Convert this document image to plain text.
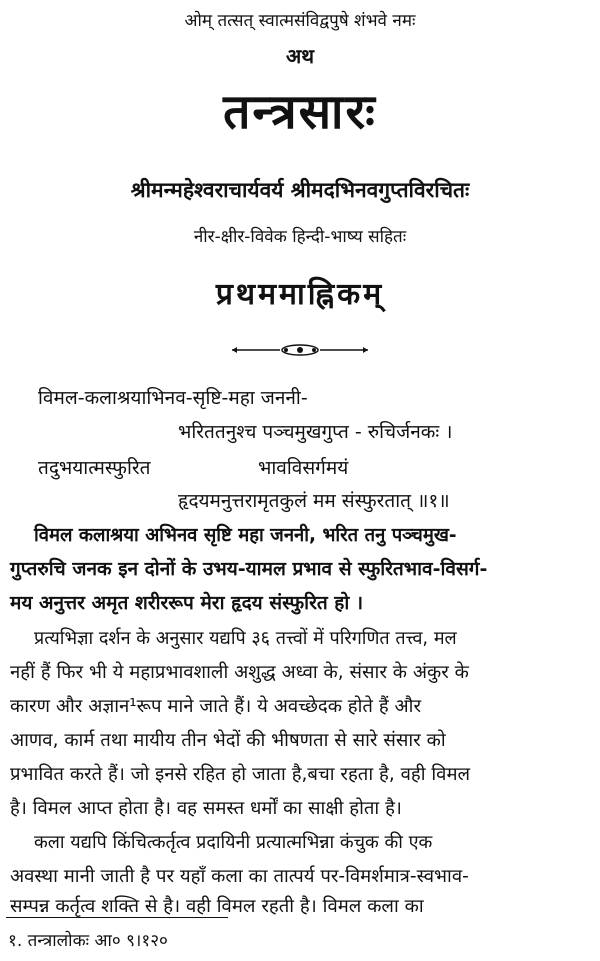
ओम् तत्सत् स्वात्मसंविद्वपुषे शंभवे नमः
अथ
तन्त्रसारः
श्रीमन्महेश्वराचार्यवर्य श्रीमदभिनवगुप्तविरचितः
नीर-क्षीर-विवेक हिन्दी-भाष्य सहितः
प्रथममाह्निकम्
विमल-कलाश्रयाभिनव-सृष्टि-महा जननी-
भरिततनुश्च पञ्चमुखगुप्त - रुचिर्जनकः ।
तदुभयात्मस्फुरित	भावविसर्गमयं
हृदयमनुत्तरामृतकुलं मम संस्फुरतात् ॥१॥
विमल कलाश्रया अभिनव सृष्टि महा जननी, भरित तनु पञ्चमुख-
गुप्तरुचि जनक इन दोनों के उभय-यामल प्रभाव से स्फुरितभाव-विसर्ग-
मय अनुत्तर अमृत शरीररूप मेरा हृदय संस्फुरित हो ।
प्रत्यभिज्ञा दर्शन के अनुसार यद्यपि ३६ तत्त्वों में परिगणित तत्त्व, मल
नहीं हैं फिर भी ये महाप्रभावशाली अशुद्ध अध्वा के, संसार के अंकुर के
कारण और अज्ञान¹रूप माने जाते हैं। ये अवच्छेदक होते हैं और
आणव, कार्म तथा मायीय तीन भेदों की भीषणता से सारे संसार को
प्रभावित करते हैं। जो इनसे रहित हो जाता है,बचा रहता है, वही विमल
है। विमल आप्त होता है। वह समस्त धर्मों का साक्षी होता है।
कला यद्यपि किंचित्कर्तृत्व प्रदायिनी प्रत्यात्मभिन्ना कंचुक की एक
अवस्था मानी जाती है पर यहाँ कला का तात्पर्य पर-विमर्शमात्र-स्वभाव-
सम्पन्न कर्तृत्व शक्ति से है। वही विमल रहती है। विमल कला का
१. तन्त्रालोकः आ० ९।१२०
